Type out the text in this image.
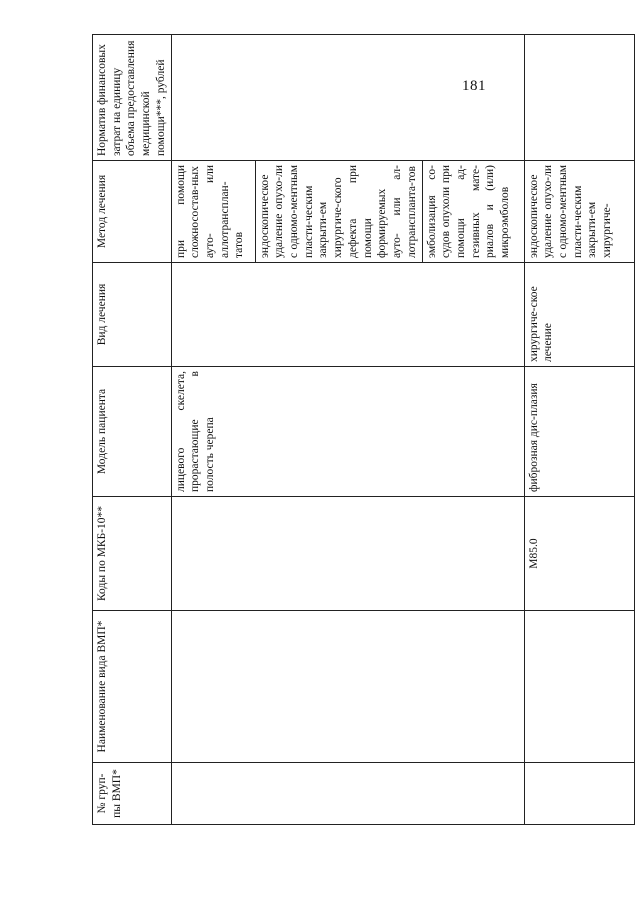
181
№ груп-пы ВМП*	Наименование вида ВМП*	Коды по МКБ-10**	Модель пациента	Вид лечения	Метод лечения	Норматив финансовых затрат на единицу объема предоставления медицинской помощи***, рублей
			лицевого скелета, прорастающие в полость черепа		при помощи сложносостав-ных ауто- или аллотрансплан-татов	
					эндоскопическое удаление опухо-ли с одномо-ментным пласти-ческим закрыти-ем хирургиче-ского дефекта при помощи формируемых ауто- или ал-лотранспланта-тов	
					эмболизация со-судов опухоли при помощи ад-гезивных мате-риалов и (или) микроэмболов	
		M85.0	фиброзная дис-плазия	хирургиче-ское лечение	эндоскопическое удаление опухо-ли с одномо-ментным пласти-ческим закрыти-ем хирургиче-	
